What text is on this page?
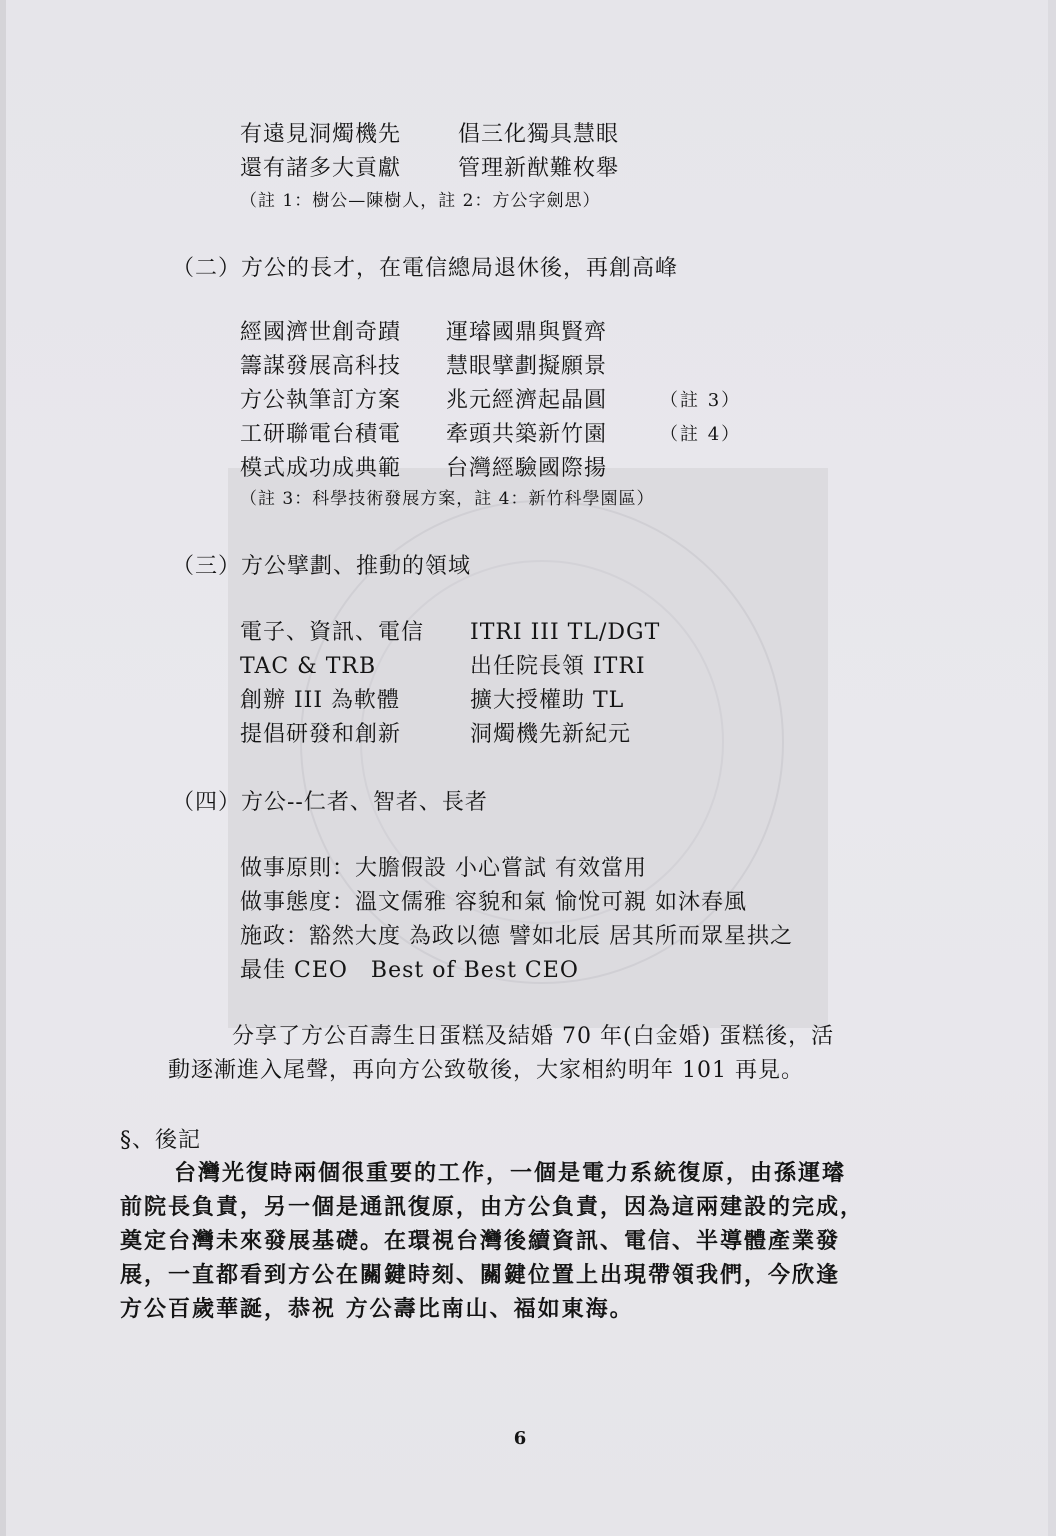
有遠見洞燭機先	倡三化獨具慧眼
還有諸多大貢獻	管理新猷難枚舉
（註 1：樹公—陳樹人，註 2：方公字劍思）
（二）方公的長才，在電信總局退休後，再創高峰
經國濟世創奇蹟 運璿國鼎與賢齊
籌謀發展高科技 慧眼擘劃擬願景
方公執筆訂方案 兆元經濟起晶圓	（註 3）
工研聯電台積電 牽頭共築新竹園	（註 4）
模式成功成典範 台灣經驗國際揚
（註 3：科學技術發展方案，註 4：新竹科學園區）
（三）方公擘劃、推動的領域
電子、資訊、電信 ITRI III TL/DGT
TAC & TRB	出任院長領 ITRI
創辦 III 為軟體	擴大授權助 TL
提倡研發和創新	洞燭機先新紀元
（四）方公--仁者、智者、長者
做事原則：大膽假設 小心嘗試 有效當用
做事態度：溫文儒雅 容貌和氣 愉悅可親 如沐春風
施政：豁然大度 為政以德 譬如北辰 居其所而眾星拱之
最佳 CEO　Best of Best CEO
分享了方公百壽生日蛋糕及結婚 70 年(白金婚) 蛋糕後，活
動逐漸進入尾聲，再向方公致敬後，大家相約明年 101 再見。
§、後記
台灣光復時兩個很重要的工作，一個是電力系統復原，由孫運璿
前院長負責，另一個是通訊復原，由方公負責，因為這兩建設的完成，
奠定台灣未來發展基礎。在環視台灣後續資訊、電信、半導體產業發
展，一直都看到方公在關鍵時刻、關鍵位置上出現帶領我們，今欣逢
方公百歲華誕，恭祝 方公壽比南山、福如東海。
6
